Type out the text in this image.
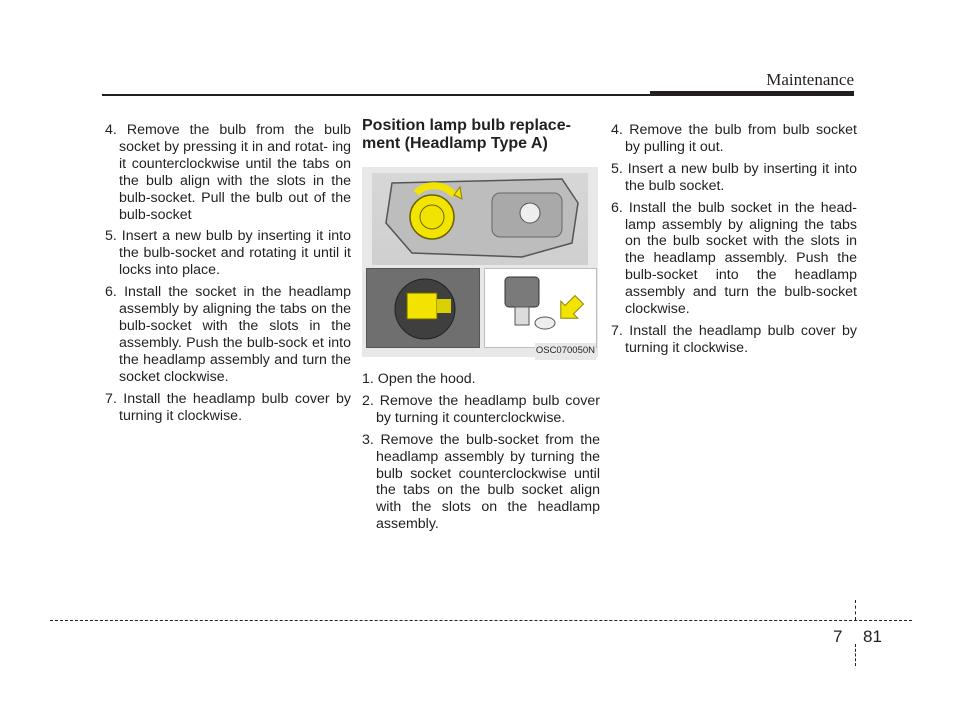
Maintenance

4. Remove the bulb from the bulb socket by pressing it in and rotat- ing it counterclockwise until the tabs on the bulb align with the slots in the bulb-socket. Pull the bulb out of the bulb-socket

5. Insert a new bulb by inserting it into the bulb-socket and rotating it until it locks into place.

6. Install the socket in the headlamp assembly by aligning the tabs on the bulb-socket with the slots in the assembly. Push the bulb-sock et into the headlamp assembly and turn the socket clockwise.

7. Install the headlamp bulb cover by turning it clockwise.

Position lamp bulb replace- ment (Headlamp Type A)
OSC070050N

1. Open the hood.

2. Remove the headlamp bulb cover by turning it counterclockwise.

3. Remove the bulb-socket from the headlamp assembly by turning the bulb socket counterclockwise until the tabs on the bulb socket align with the slots on the headlamp assembly.

4. Remove the bulb from bulb socket by pulling it out.

5. Insert a new bulb by inserting it into the bulb socket.

6. Install the bulb socket in the head- lamp assembly by aligning the tabs on the bulb socket with the slots in the headlamp assembly. Push the bulb-socket into the headlamp assembly and turn the bulb-socket clockwise.

7. Install the headlamp bulb cover by turning it clockwise.

7 81
